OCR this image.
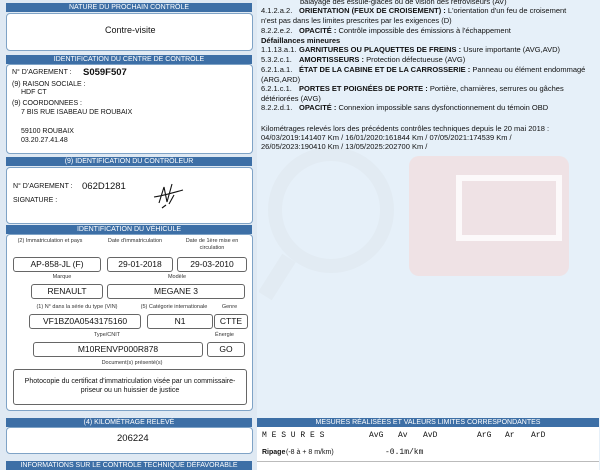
NATURE DU PROCHAIN CONTRÔLE
Contre-visite
IDENTIFICATION DU CENTRE DE CONTRÔLE
N° D'AGREMENT : S059F507
(9) RAISON SOCIALE :
HDF CT
(9) COORDONNEES :
7 BIS RUE ISABEAU DE ROUBAIX
59100 ROUBAIX
03.20.27.41.48
(9) IDENTIFICATION DU CONTRÔLEUR
N° D'AGREMENT : 062D1281
SIGNATURE :
IDENTIFICATION DU VÉHICULE
(2) Immatriculation et pays	Date d'immatriculation	Date de 1ère mise en circulation
AP-858-JL (F)	29-01-2018	29-03-2010
Marque	Modèle
RENAULT	MEGANE 3
(1) N° dans la série du type (VIN)	(5) Catégorie internationale	Genre
VF1BZ0A0543175160	N1	CTTE
Type/CNIT	Énergie
M10RENVP000R878	GO
Document(s) présenté(s)
Photocopie du certificat d'immatriculation visée par un commissaire-priseur ou un huissier de justice
(4) KILOMÉTRAGE RELEVÉ
206224
INFORMATIONS SUR LE CONTRÔLE TECHNIQUE DÉFAVORABLE
balayage des essuie-glaces ou de vision des rétroviseurs (AV)
4.1.2.a.2. ORIENTATION (FEUX DE CROISEMENT) : L'orientation d'un feu de croisement n'est pas dans les limites prescrites par les exigences (D)
8.2.2.e.2. OPACITÉ : Contrôle impossible des émissions à l'échappement
Défaillances mineures
1.1.13.a.1. GARNITURES OU PLAQUETTES DE FREINS : Usure importante (AVG,AVD)
5.3.2.c.1. AMORTISSEURS : Protection défectueuse (AVG)
6.2.1.a.1. ÉTAT DE LA CABINE ET DE LA CARROSSERIE : Panneau ou élément endommagé (ARG,ARD)
6.2.1.c.1. PORTES ET POIGNÉES DE PORTE : Portière, charnières, serrures ou gâches détériorées (AVG)
8.2.2.d.1. OPACITÉ : Connexion impossible sans dysfonctionnement du témoin OBD
Kilométrages relevés lors des précédents contrôles techniques depuis le 20 mai 2018 :
04/03/2019:141407 Km / 16/01/2020:161844 Km / 07/05/2021:174539 Km /
26/05/2023:190410 Km / 13/05/2025:202700 Km /
MESURES RÉALISÉES ET VALEURS LIMITES CORRESPONDANTES
M E S U R E S	AvG Av AvD	ArG Ar ArD
Ripage (-8 à + 8 m/km)	-0.1m/km
